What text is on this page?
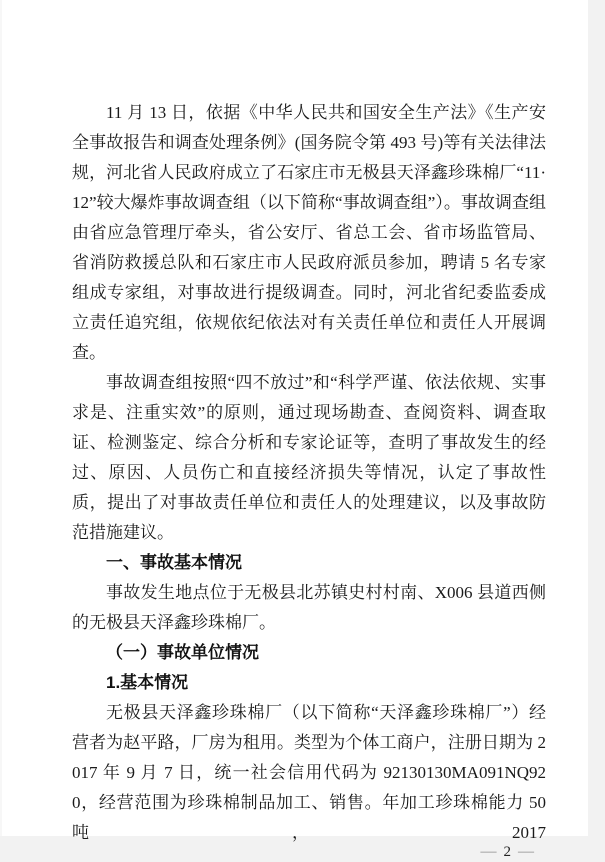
11 月 13 日，依据《中华人民共和国安全生产法》《生产安全事故报告和调查处理条例》(国务院令第 493 号)等有关法律法规，河北省人民政府成立了石家庄市无极县天泽鑫珍珠棉厂“11·12”较大爆炸事故调查组（以下简称“事故调查组”）。事故调查组由省应急管理厅牵头，省公安厅、省总工会、省市场监管局、省消防救援总队和石家庄市人民政府派员参加，聘请 5 名专家组成专家组，对事故进行提级调查。同时，河北省纪委监委成立责任追究组，依规依纪依法对有关责任单位和责任人开展调查。

事故调查组按照“四不放过”和“科学严谨、依法依规、实事求是、注重实效”的原则，通过现场勘查、查阅资料、调查取证、检测鉴定、综合分析和专家论证等，查明了事故发生的经过、原因、人员伤亡和直接经济损失等情况，认定了事故性质，提出了对事故责任单位和责任人的处理建议，以及事故防范措施建议。

一、事故基本情况

事故发生地点位于无极县北苏镇史村村南、X006 县道西侧的无极县天泽鑫珍珠棉厂。

（一）事故单位情况

1.基本情况

无极县天泽鑫珍珠棉厂（以下简称“天泽鑫珍珠棉厂”）经营者为赵平路，厂房为租用。类型为个体工商户，注册日期为 2017 年 9 月 7 日，统一社会信用代码为 92130130MA091NQ920，经营范围为珍珠棉制品加工、销售。年加工珍珠棉能力 50 吨，2017

— 2 —
